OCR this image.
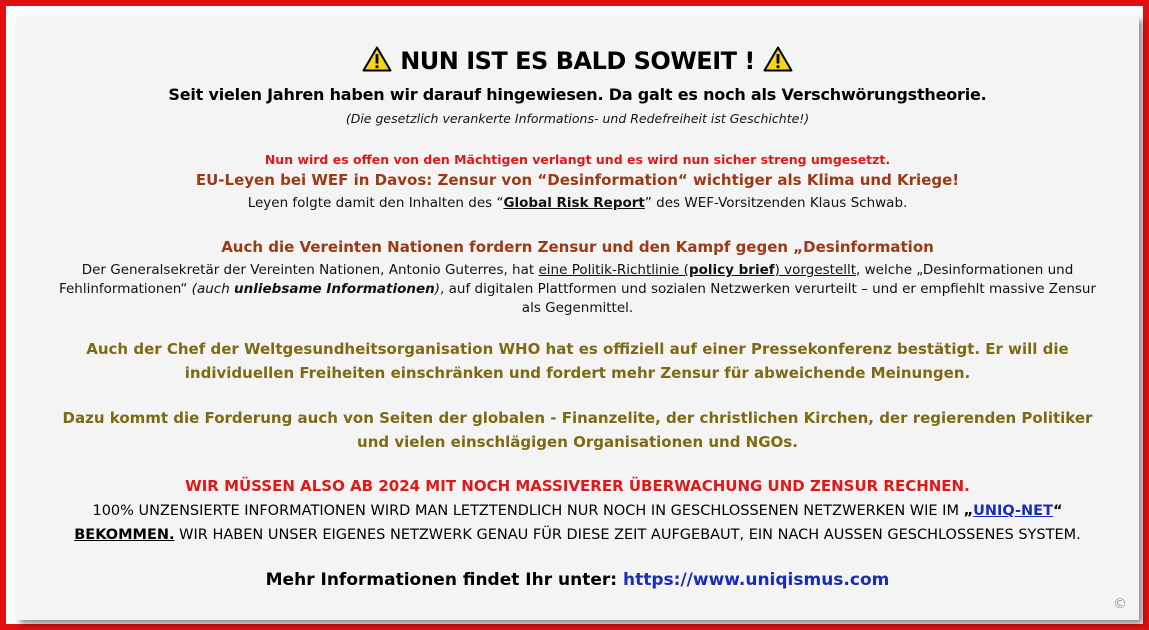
NUN IST ES BALD SOWEIT !
Seit vielen Jahren haben wir darauf hingewiesen. Da galt es noch als Verschwörungstheorie.
(Die gesetzlich verankerte Informations- und Redefreiheit ist Geschichte!)
Nun wird es offen von den Mächtigen verlangt und es wird nun sicher streng umgesetzt.
EU-Leyen bei WEF in Davos: Zensur von “Desinformation“ wichtiger als Klima und Kriege!
Leyen folgte damit den Inhalten des “Global Risk Report” des WEF-Vorsitzenden Klaus Schwab.
Auch die Vereinten Nationen fordern Zensur und den Kampf gegen „Desinformation
Der Generalsekretär der Vereinten Nationen, Antonio Guterres, hat eine Politik-Richtlinie (policy brief) vorgestellt, welche „Desinformationen und Fehlinformationen“ (auch unliebsame Informationen), auf digitalen Plattformen und sozialen Netzwerken verurteilt – und er empfiehlt massive Zensur als Gegenmittel.
Auch der Chef der Weltgesundheitsorganisation WHO hat es offiziell auf einer Pressekonferenz bestätigt. Er will die individuellen Freiheiten einschränken und fordert mehr Zensur für abweichende Meinungen.
Dazu kommt die Forderung auch von Seiten der globalen - Finanzelite, der christlichen Kirchen, der regierenden Politiker und vielen einschlägigen Organisationen und NGOs.
WIR MÜSSEN ALSO AB 2024 MIT NOCH MASSIVERER ÜBERWACHUNG UND ZENSUR RECHNEN.
100% UNZENSIERTE INFORMATIONEN WIRD MAN LETZTENDLICH NUR NOCH IN GESCHLOSSENEN NETZWERKEN WIE IM „UNIQ-NET“
BEKOMMEN. WIR HABEN UNSER EIGENES NETZWERK GENAU FÜR DIESE ZEIT AUFGEBAUT, EIN NACH AUSSEN GESCHLOSSENES SYSTEM.
Mehr Informationen findet Ihr unter: https://www.uniqismus.com
©
